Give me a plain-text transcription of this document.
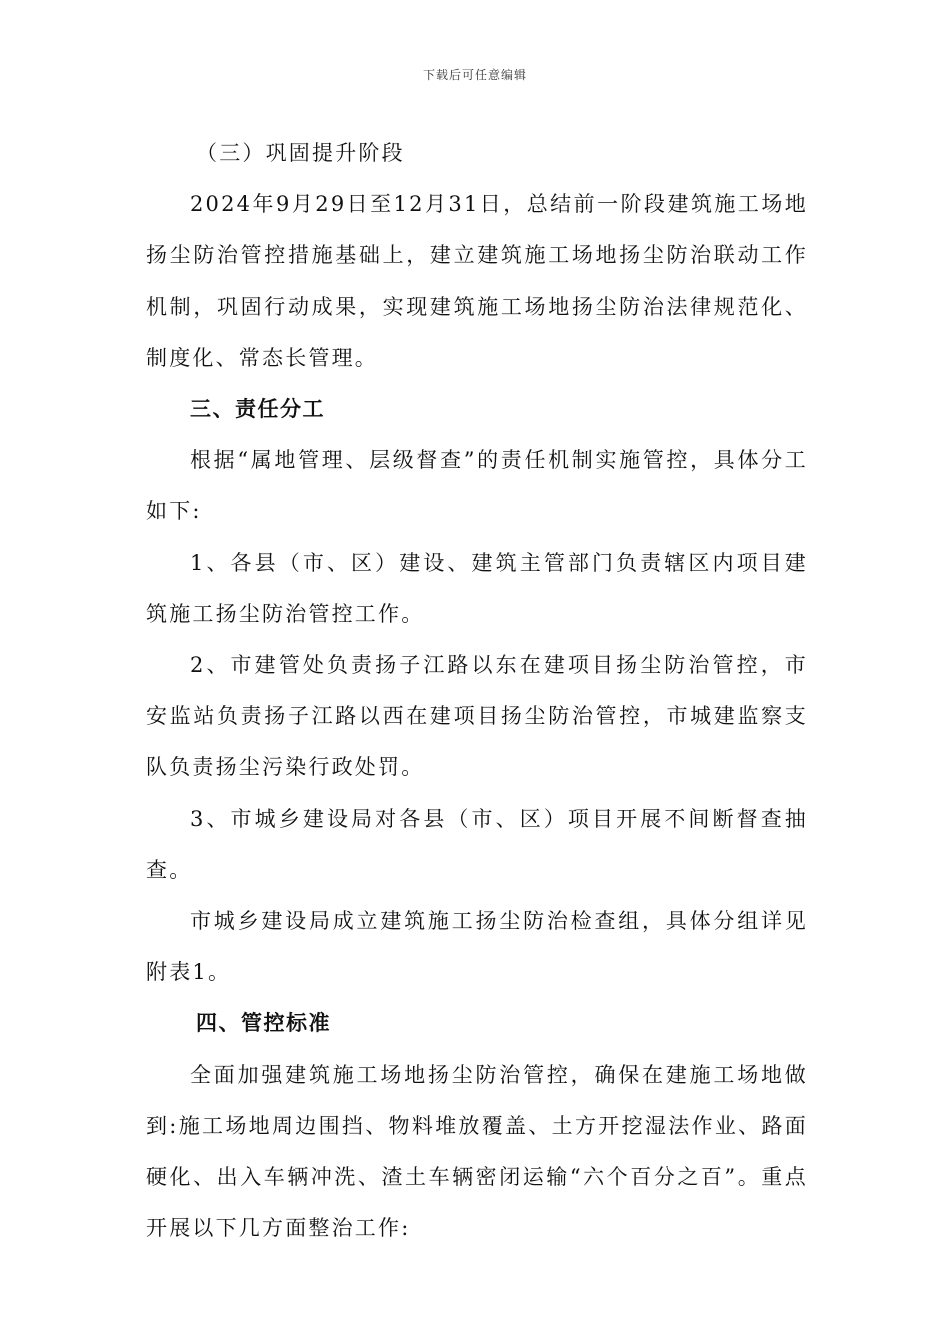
下载后可任意编辑

（三）巩固提升阶段

2024年9月29日至12月31日，总结前一阶段建筑施工场地扬尘防治管控措施基础上，建立建筑施工场地扬尘防治联动工作机制，巩固行动成果，实现建筑施工场地扬尘防治法律规范化、制度化、常态长管理。

三、责任分工

根据“属地管理、层级督查”的责任机制实施管控，具体分工如下:

1、各县（市、区）建设、建筑主管部门负责辖区内项目建筑施工扬尘防治管控工作。

2、市建管处负责扬子江路以东在建项目扬尘防治管控，市安监站负责扬子江路以西在建项目扬尘防治管控，市城建监察支队负责扬尘污染行政处罚。

3、市城乡建设局对各县（市、区）项目开展不间断督查抽查。

市城乡建设局成立建筑施工扬尘防治检查组，具体分组详见附表1。

四、管控标准

全面加强建筑施工场地扬尘防治管控，确保在建施工场地做到:施工场地周边围挡、物料堆放覆盖、土方开挖湿法作业、路面硬化、出入车辆冲洗、渣土车辆密闭运输“六个百分之百”。重点开展以下几方面整治工作:
